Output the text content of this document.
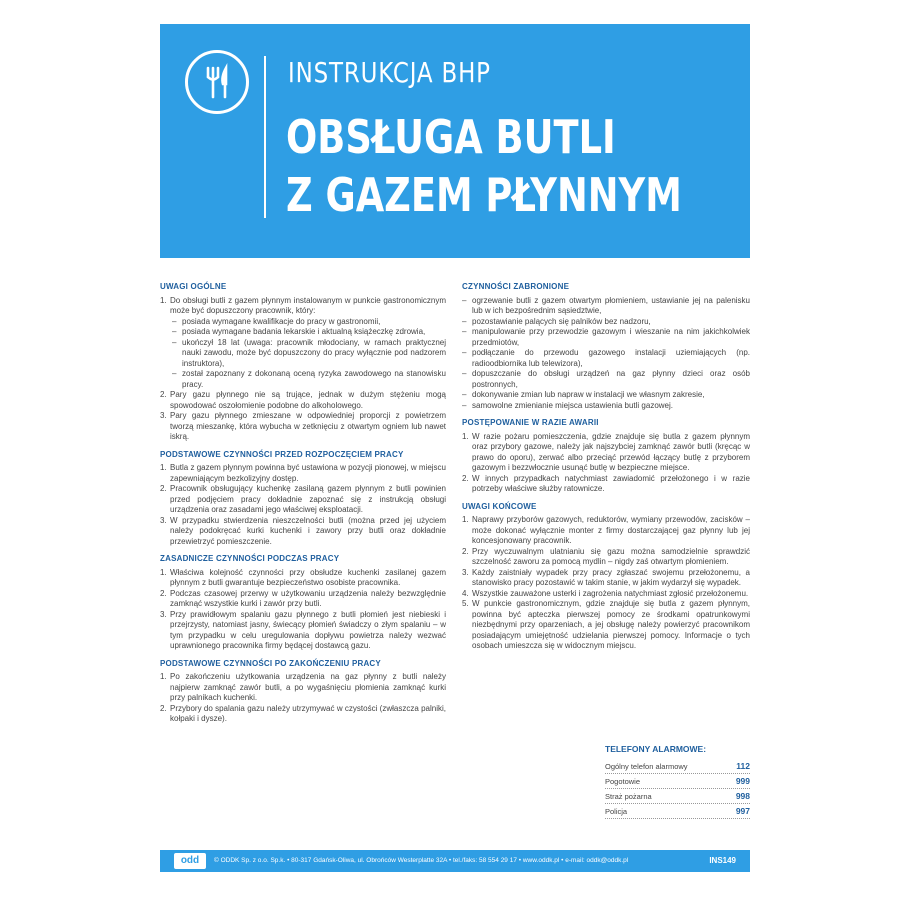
INSTRUKCJA BHP
OBSŁUGA BUTLI
Z GAZEM PŁYNNYM
UWAGI OGÓLNE

1. Do obsługi butli z gazem płynnym instalowanym w punkcie gastronomicznym może być dopuszczony pracownik, który:

– posiada wymagane kwalifikacje do pracy w gastronomii,

– posiada wymagane badania lekarskie i aktualną książeczkę zdrowia,

– ukończył 18 lat (uwaga: pracownik młodociany, w ramach praktycznej nauki zawodu, może być dopuszczony do pracy wyłącznie pod nadzorem instruktora),

– został zapoznany z dokonaną oceną ryzyka zawodowego na stanowisku pracy.

2. Pary gazu płynnego nie są trujące, jednak w dużym stężeniu mogą spowodować oszołomienie podobne do alkoholowego.

3. Pary gazu płynnego zmieszane w odpowiedniej proporcji z powietrzem tworzą mieszankę, która wybucha w zetknięciu z otwartym ogniem lub nawet iskrą.

PODSTAWOWE CZYNNOŚCI PRZED ROZPOCZĘCIEM PRACY

1. Butla z gazem płynnym powinna być ustawiona w pozycji pionowej, w miejscu zapewniającym bezkolizyjny dostęp.

2. Pracownik obsługujący kuchenkę zasilaną gazem płynnym z butli powinien przed podjęciem pracy dokładnie zapoznać się z instrukcją obsługi urządzenia oraz zasadami jego właściwej eksploatacji.

3. W przypadku stwierdzenia nieszczelności butli (można przed jej użyciem należy podokręcać kurki kuchenki i zawory przy butli oraz dokładnie przewietrzyć pomieszczenie.

ZASADNICZE CZYNNOŚCI PODCZAS PRACY

1. Właściwa kolejność czynności przy obsłudze kuchenki zasilanej gazem płynnym z butli gwarantuje bezpieczeństwo osobiste pracownika.

2. Podczas czasowej przerwy w użytkowaniu urządzenia należy bezwzględnie zamknąć wszystkie kurki i zawór przy butli.

3. Przy prawidłowym spalaniu gazu płynnego z butli płomień jest niebieski i przejrzysty, natomiast jasny, świecący płomień świadczy o złym spalaniu – w tym przypadku w celu uregulowania dopływu powietrza należy wezwać uprawnionego pracownika firmy będącej dostawcą gazu.

PODSTAWOWE CZYNNOŚCI PO ZAKOŃCZENIU PRACY

1. Po zakończeniu użytkowania urządzenia na gaz płynny z butli należy najpierw zamknąć zawór butli, a po wygaśnięciu płomienia zamknąć kurki przy palnikach kuchenki.

2. Przybory do spalania gazu należy utrzymywać w czystości (zwłaszcza palniki, kołpaki i dysze).

CZYNNOŚCI ZABRONIONE

– ogrzewanie butli z gazem otwartym płomieniem, ustawianie jej na palenisku lub w ich bezpośrednim sąsiedztwie,

– pozostawianie palących się palników bez nadzoru,

– manipulowanie przy przewodzie gazowym i wieszanie na nim jakichkolwiek przedmiotów,

– podłączanie do przewodu gazowego instalacji uziemiających (np. radioodbiornika lub telewizora),

– dopuszczanie do obsługi urządzeń na gaz płynny dzieci oraz osób postronnych,

– dokonywanie zmian lub napraw w instalacji we własnym zakresie,

– samowolne zmienianie miejsca ustawienia butli gazowej.

POSTĘPOWANIE W RAZIE AWARII

1. W razie pożaru pomieszczenia, gdzie znajduje się butla z gazem płynnym oraz przybory gazowe, należy jak najszybciej zamknąć zawór butli (kręcąc w prawo do oporu), zerwać albo przeciąć przewód łączący butlę z przyborem gazowym i bezzwłocznie usunąć butlę w bezpieczne miejsce.

2. W innych przypadkach natychmiast zawiadomić przełożonego i w razie potrzeby właściwe służby ratownicze.

UWAGI KOŃCOWE

1. Naprawy przyborów gazowych, reduktorów, wymiany przewodów, zacisków – może dokonać wyłącznie monter z firmy dostarczającej gaz płynny lub jej koncesjonowany pracownik.

2. Przy wyczuwalnym ulatnianiu się gazu można samodzielnie sprawdzić szczelność zaworu za pomocą mydlin – nigdy zaś otwartym płomieniem.

3. Każdy zaistniały wypadek przy pracy zgłaszać swojemu przełożonemu, a stanowisko pracy pozostawić w takim stanie, w jakim wydarzył się wypadek.

4. Wszystkie zauważone usterki i zagrożenia natychmiast zgłosić przełożonemu.

5. W punkcie gastronomicznym, gdzie znajduje się butla z gazem płynnym, powinna być apteczka pierwszej pomocy ze środkami opatrunkowymi niezbędnymi przy oparzeniach, a jej obsługę należy powierzyć pracownikom posiadającym umiejętność udzielania pierwszej pomocy. Informacje o tych osobach umieszcza się w widocznym miejscu.

TELEFONY ALARMOWE:
Ogólny telefon alarmowy	112
Pogotowie	999
Straż pożarna	998
Policja	997
odd	© ODDK Sp. z o.o. Sp.k. • 80-317 Gdańsk-Oliwa, ul. Obrońców Westerplatte 32A • tel./faks: 58 554 29 17 • www.oddk.pl • e-mail: oddk@oddk.pl	INS149
